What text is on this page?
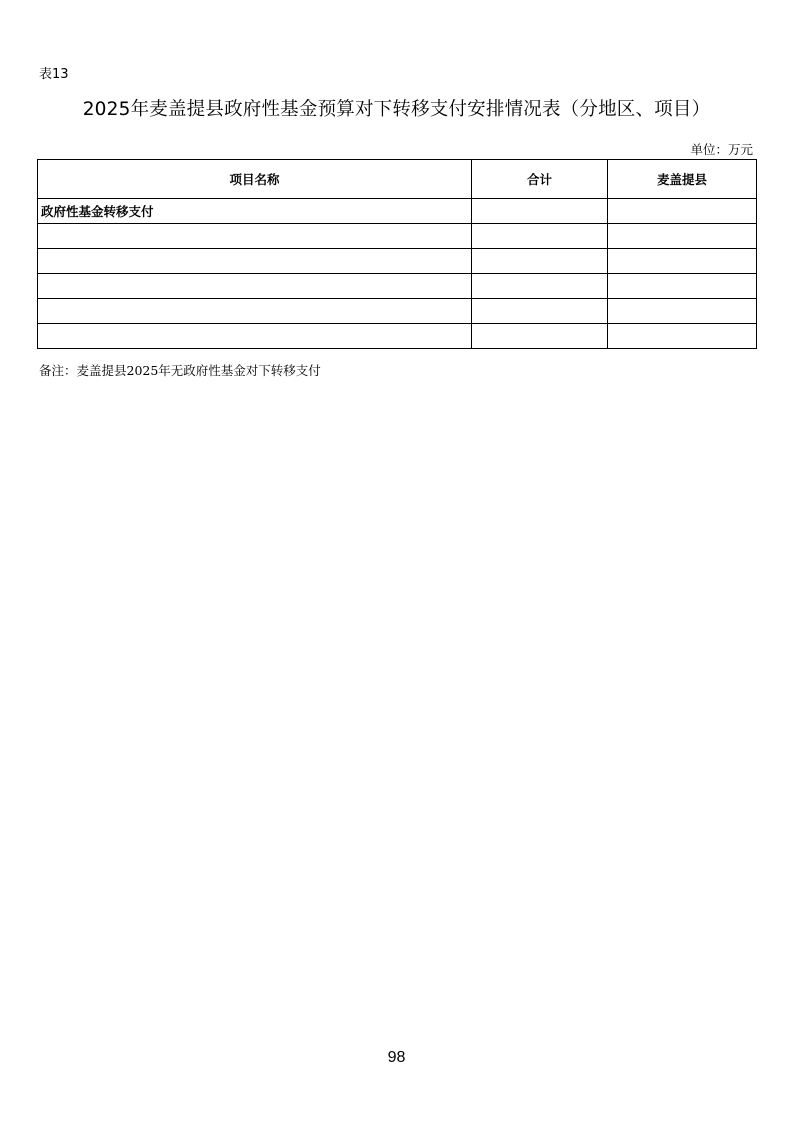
表13
2025年麦盖提县政府性基金预算对下转移支付安排情况表（分地区、项目）
单位：万元
项目名称	合计	麦盖提县
政府性基金转移支付		

备注：麦盖提县2025年无政府性基金对下转移支付
98
